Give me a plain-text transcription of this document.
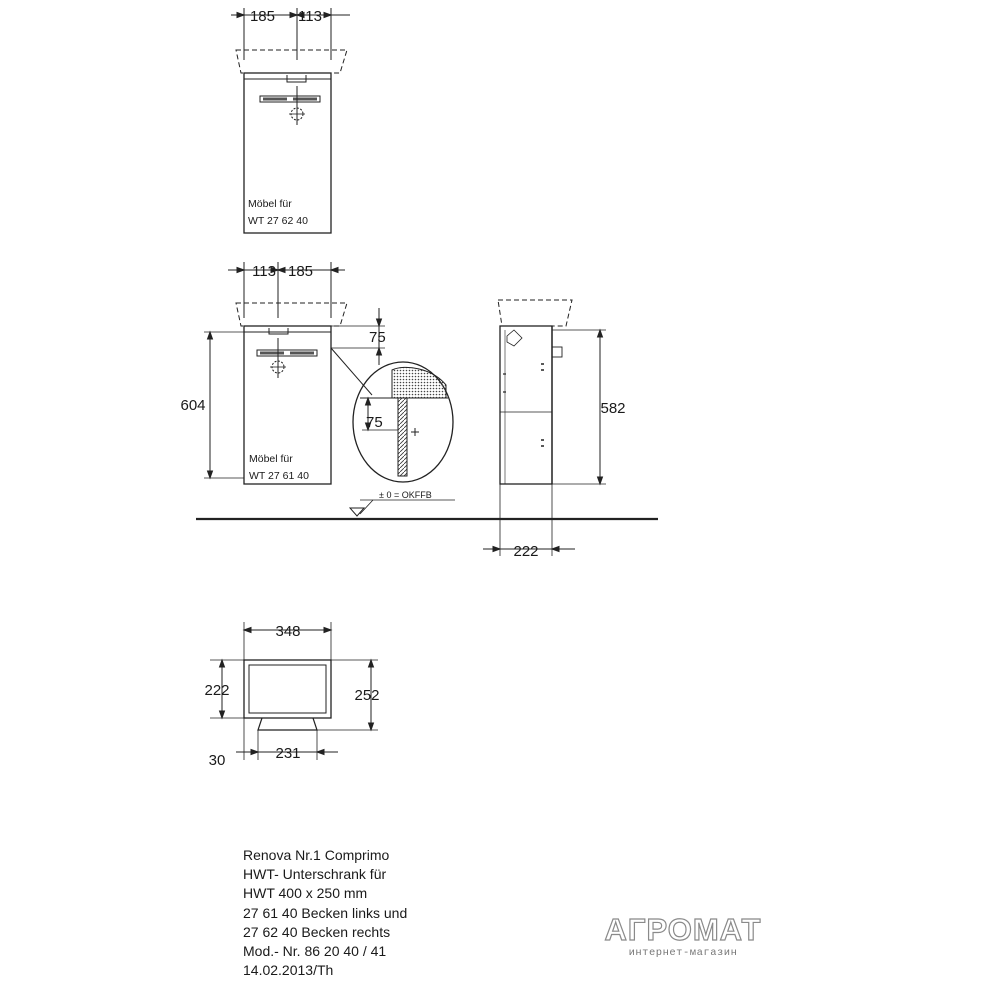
185 113
Möbel für
WT 27 62 40
113 185
604
75
Möbel für
WT 27 61 40
75
± 0 = OKFFB
582
222
348
222	252
30	231
Renova Nr.1 Comprimo
HWT- Unterschrank für
HWT 400 x 250 mm
27 61 40 Becken links und
27 62 40 Becken rechts
Mod.- Nr. 86 20 40 / 41
14.02.2013/Th
АГРОМАТ
интернет-магазин
